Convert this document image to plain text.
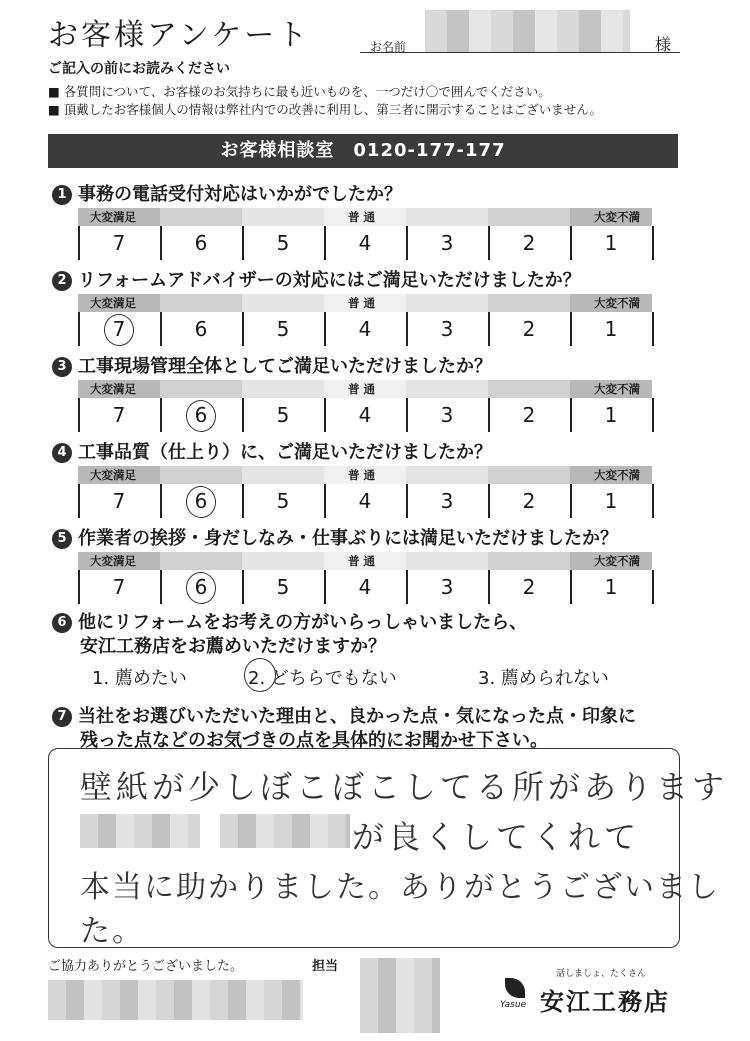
お客様アンケート	お名前	様
ご記入の前にお読みください
■ 各質問について、お客様のお気持ちに最も近いものを、一つだけ〇で囲んでください。
■ 頂戴したお客様個人の情報は弊社内での改善に利用し、第三者に開示することはございません。
お客様相談室　0120-177-177
1 事務の電話受付対応はいかがでしたか？
大変満足	普 通	大変不満
7	6	5	4	3	2	1
2 リフォームアドバイザーの対応にはご満足いただけましたか？
大変満足	普 通	大変不満
7	6	5	4	3	2	1
3 工事現場管理全体としてご満足いただけましたか？
大変満足	普 通	大変不満
7	6	5	4	3	2	1
4 工事品質（仕上り）に、ご満足いただけましたか？
大変満足	普 通	大変不満
7	6	5	4	3	2	1
5 作業者の挨拶・身だしなみ・仕事ぶりには満足いただけましたか？
大変満足	普 通	大変不満
7	6	5	4	3	2	1
6 他にリフォームをお考えの方がいらっしゃいましたら、
安江工務店をお薦めいただけますか？
1. 薦めたい	2. どちらでもない	3. 薦められない
7 当社をお選びいただいた理由と、良かった点・気になった点・印象に
残った点などのお気づきの点を具体的にお聞かせ下さい。
壁紙が少しぼこぼこしてる所があります
が良くしてくれて
本当に助かりました。ありがとうございました。
ご協力ありがとうございました。	担当
Yasue
話しましょ、たくさん
安江工務店
